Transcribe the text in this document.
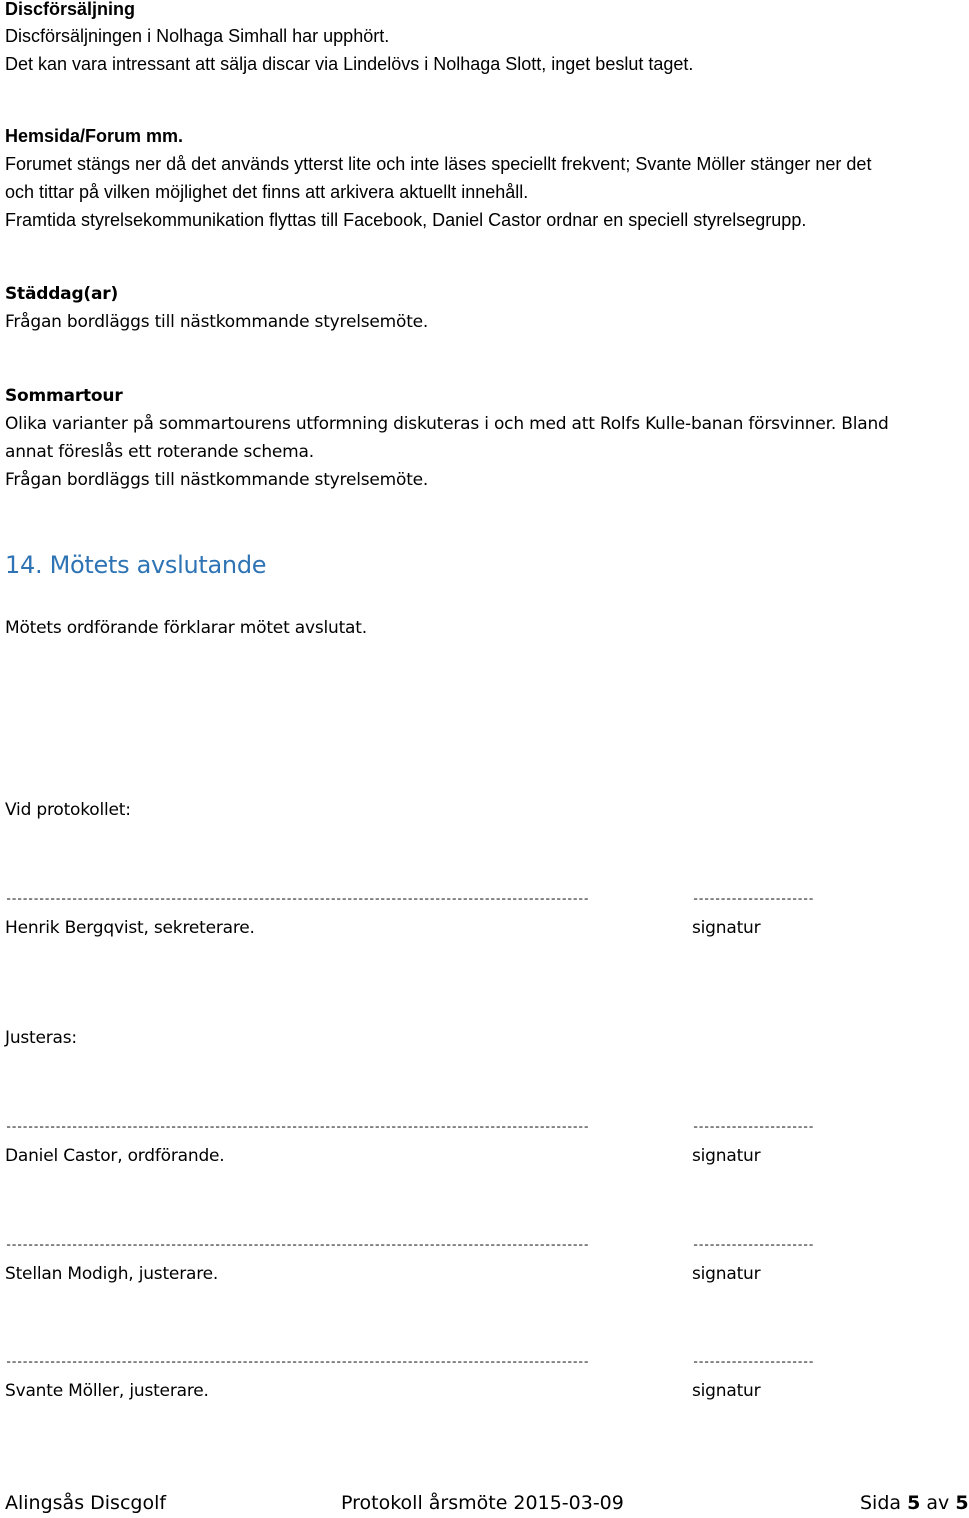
Discförsäljning
Discförsäljningen i Nolhaga Simhall har upphört.
Det kan vara intressant att sälja discar via Lindelövs i Nolhaga Slott, inget beslut taget.
Hemsida/Forum mm.
Forumet stängs ner då det används ytterst lite och inte läses speciellt frekvent; Svante Möller stänger ner det
och tittar på vilken möjlighet det finns att arkivera aktuellt innehåll.
Framtida styrelsekommunikation flyttas till Facebook, Daniel Castor ordnar en speciell styrelsegrupp.
Städdag(ar)
Frågan bordläggs till nästkommande styrelsemöte.
Sommartour
Olika varianter på sommartourens utformning diskuteras i och med att Rolfs Kulle-banan försvinner. Bland
annat föreslås ett roterande schema.
Frågan bordläggs till nästkommande styrelsemöte.
14. Mötets avslutande
Mötets ordförande förklarar mötet avslutat.
Vid protokollet:
----------------------------------------------------------------------------------------------------------	----------------------
Henrik Bergqvist, sekreterare.	signatur
Justeras:
----------------------------------------------------------------------------------------------------------	----------------------
Daniel Castor, ordförande.	signatur
----------------------------------------------------------------------------------------------------------	----------------------
Stellan Modigh, justerare.	signatur
----------------------------------------------------------------------------------------------------------	----------------------
Svante Möller, justerare.	signatur
Alingsås Discgolf	Protokoll årsmöte 2015-03-09	Sida 5 av 5
